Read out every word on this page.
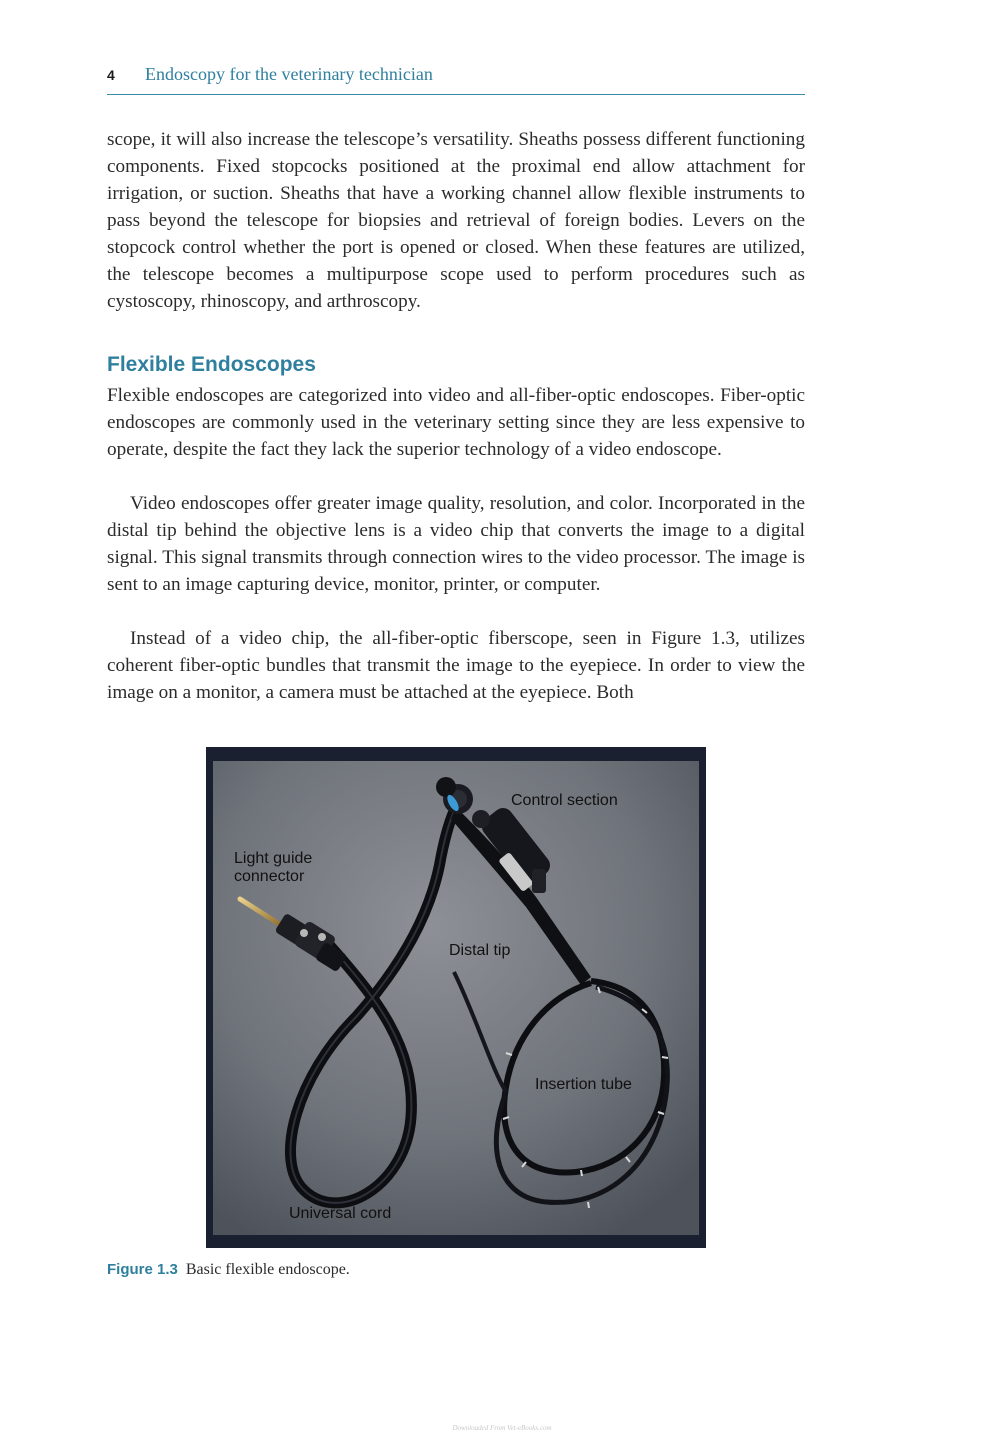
4 Endoscopy for the veterinary technician

scope, it will also increase the telescope’s versatility. Sheaths possess different functioning components. Fixed stopcocks positioned at the proximal end allow attachment for irrigation, or suction. Sheaths that have a working channel allow flexible instruments to pass beyond the telescope for biopsies and retrieval of foreign bodies. Levers on the stopcock control whether the port is opened or closed. When these features are utilized, the telescope becomes a multipurpose scope used to perform procedures such as cystoscopy, rhinoscopy, and arthroscopy.

Flexible Endoscopes

Flexible endoscopes are categorized into video and all-fiber-optic endoscopes. Fiber-optic endoscopes are commonly used in the veterinary setting since they are less expensive to operate, despite the fact they lack the superior technology of a video endoscope.

Video endoscopes offer greater image quality, resolution, and color. Incorporated in the distal tip behind the objective lens is a video chip that converts the image to a digital signal. This signal transmits through connection wires to the video processor. The image is sent to an image capturing device, monitor, printer, or computer.

Instead of a video chip, the all-fiber-optic fiberscope, seen in Figure 1.3, utilizes coherent fiber-optic bundles that transmit the image to the eyepiece. In order to view the image on a monitor, a camera must be attached at the eyepiece. Both

Control section
Light guide
connector
Distal tip
Insertion tube
Universal cord
Figure 1.3 Basic flexible endoscope.
Downloaded From Vet-eBooks.com
